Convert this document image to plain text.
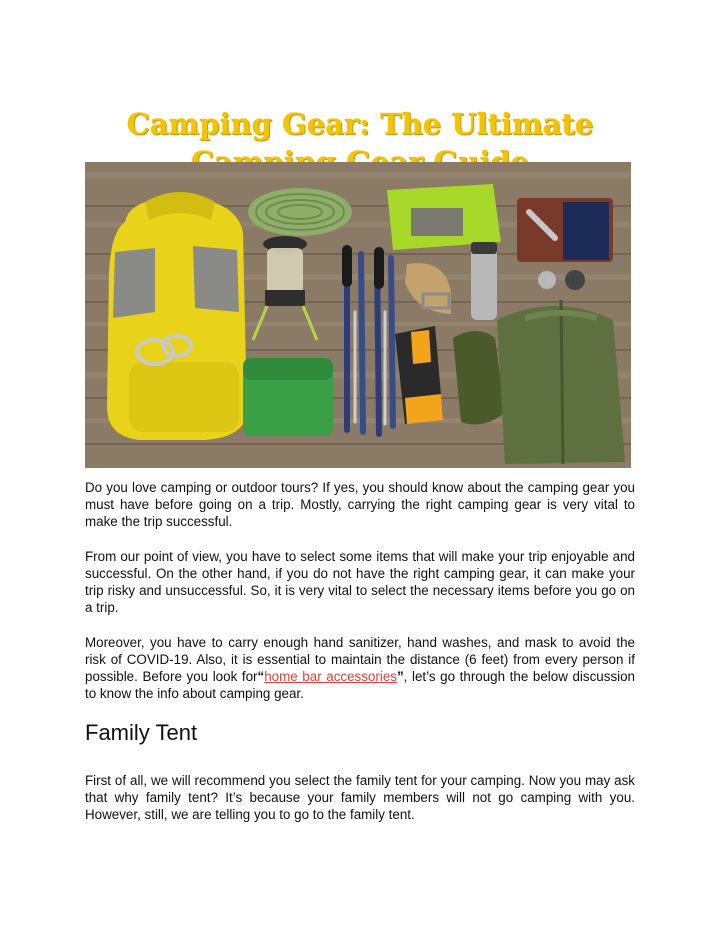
Camping Gear: The Ultimate

Do you love camping or outdoor tours? If yes, you should know about the camping gear you must have before going on a trip. Mostly, carrying the right camping gear is very vital to make the trip successful.

From our point of view, you have to select some items that will make your trip enjoyable and successful. On the other hand, if you do not have the right camping gear, it can make your trip risky and unsuccessful. So, it is very vital to select the necessary items before you go on a trip.

Moreover, you have to carry enough hand sanitizer, hand washes, and mask to avoid the risk of COVID-19. Also, it is essential to maintain the distance (6 feet) from every person if possible. Before you look for“home bar accessories”, let’s go through the below discussion to know the info about camping gear.

Family Tent

First of all, we will recommend you select the family tent for your camping. Now you may ask that why family tent? It’s because your family members will not go camping with you. However, still, we are telling you to go to the family tent.
